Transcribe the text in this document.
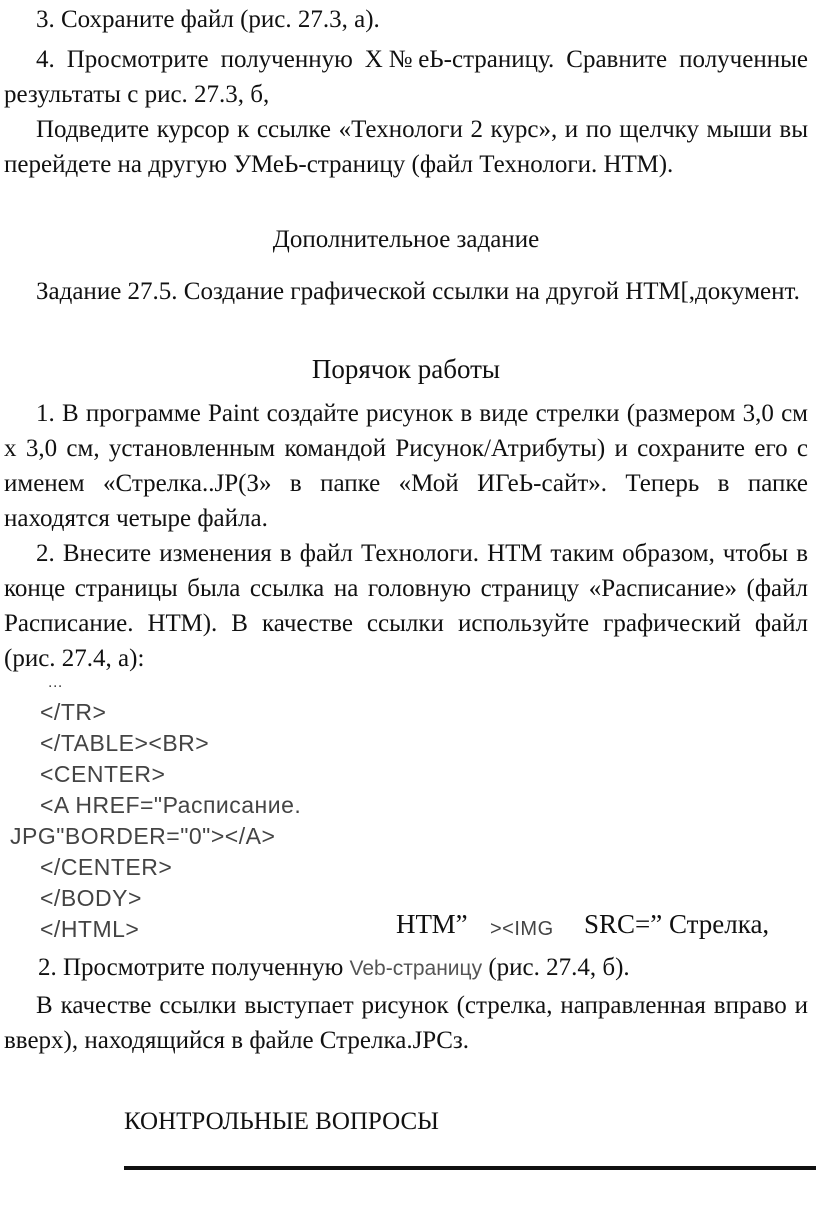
3. Сохраните файл (рис. 27.3, а).

4. Просмотрите полученную Х№еЬ-страницу. Сравните полученные результаты с рис. 27.3, б,

Подведите курсор к ссылке «Технологи 2 курс», и по щелчку мыши вы перейдете на другую УМеЬ-страницу (файл Технологи. НТМ).

Дополнительное задание

Задание 27.5. Создание графической ссылки на другой НТМ[,документ.

Порячок работы

1. В программе Paint создайте рисунок в виде стрелки (размером 3,0 см х 3,0 см, установленным командой Рисунок/Атрибуты) и сохраните его с именем «Стрелка..JP(З» в папке «Мой ИГеЬ-сайт». Теперь в папке находятся четыре файла.

2. Внесите изменения в файл Технологи. НТМ таким образом, чтобы в конце страницы была ссылка на головную страницу «Расписание» (файл Расписание. НТМ). В качестве ссылки используйте графический файл (рис. 27.4, а):

...

</TR>

</TABLE><BR>

<CENTER>

<A HREF="Расписание.

JPG"BORDER="0"></A>

</CENTER>

</BODY>

</HTML>	НТМ” ><IMG SRC=” Стрелка,
2. Просмотрите полученную Veb-страницу (рис. 27.4, б).

В качестве ссылки выступает рисунок (стрелка, направленная вправо и вверх), находящийся в файле Стрелка.JPCз.

КОНТРОЛЬНЫЕ ВОПРОСЫ
